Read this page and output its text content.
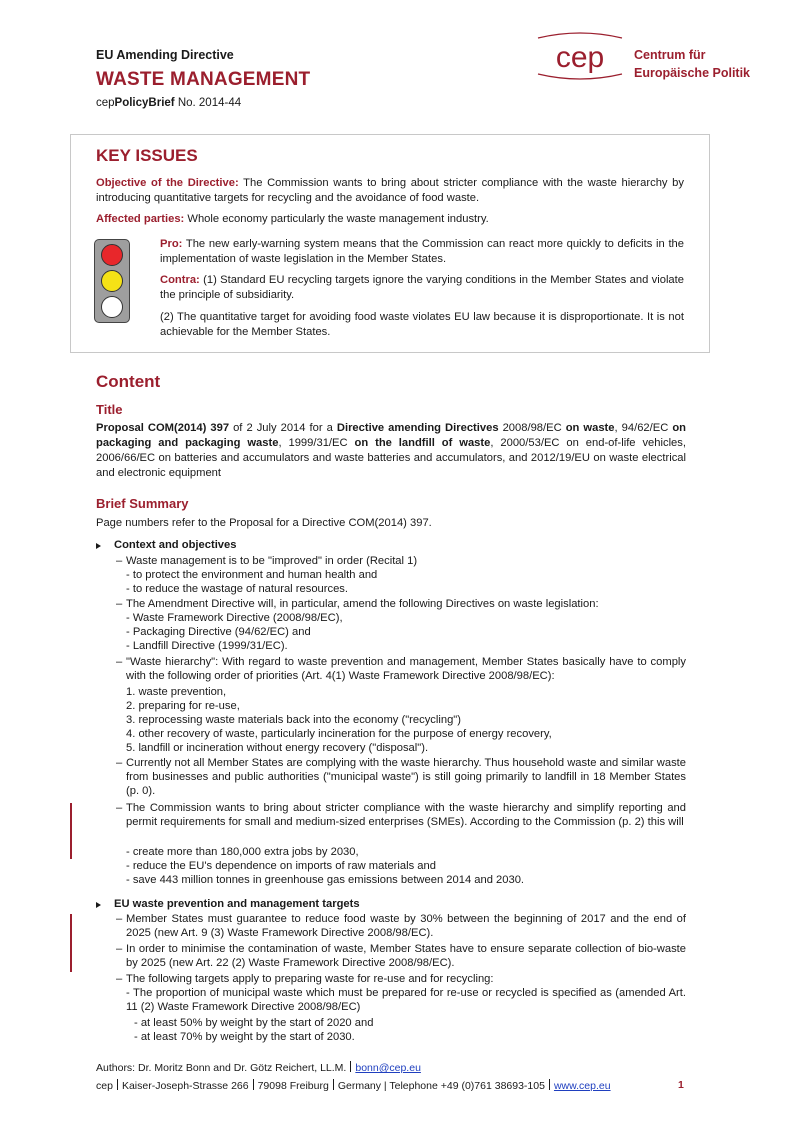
EU Amending Directive
WASTE MANAGEMENT
cepPolicyBrief No. 2014-44
cep Centrum für
Europäische Politik
KEY ISSUES
Objective of the Directive: The Commission wants to bring about stricter compliance with the waste hierarchy by introducing quantitative targets for recycling and the avoidance of food waste.
Affected parties: Whole economy particularly the waste management industry.
Pro: The new early-warning system means that the Commission can react more quickly to deficits in the implementation of waste legislation in the Member States.
Contra: (1) Standard EU recycling targets ignore the varying conditions in the Member States and violate the principle of subsidiarity.
(2) The quantitative target for avoiding food waste violates EU law because it is disproportionate. It is not achievable for the Member States.
Content
Title
Proposal COM(2014) 397 of 2 July 2014 for a Directive amending Directives 2008/98/EC on waste, 94/62/EC on packaging and packaging waste, 1999/31/EC on the landfill of waste, 2000/53/EC on end-of-life vehicles, 2006/66/EC on batteries and accumulators and waste batteries and accumulators, and 2012/19/EU on waste electrical and electronic equipment
Brief Summary
Page numbers refer to the Proposal for a Directive COM(2014) 397.
Context and objectives
– Waste management is to be "improved" in order (Recital 1)
- to protect the environment and human health and
- to reduce the wastage of natural resources.
– The Amendment Directive will, in particular, amend the following Directives on waste legislation:
- Waste Framework Directive (2008/98/EC),
- Packaging Directive (94/62/EC) and
- Landfill Directive (1999/31/EC).
– "Waste hierarchy": With regard to waste prevention and management, Member States basically have to comply with the following order of priorities (Art. 4(1) Waste Framework Directive 2008/98/EC):
1. waste prevention,
2. preparing for re-use,
3. reprocessing waste materials back into the economy ("recycling")
4. other recovery of waste, particularly incineration for the purpose of energy recovery,
5. landfill or incineration without energy recovery ("disposal").
– Currently not all Member States are complying with the waste hierarchy. Thus household waste and similar waste from businesses and public authorities ("municipal waste") is still going primarily to landfill in 18 Member States (p. 0).
– The Commission wants to bring about stricter compliance with the waste hierarchy and simplify reporting and permit requirements for small and medium-sized enterprises (SMEs). According to the Commission (p. 2) this will
- create more than 180,000 extra jobs by 2030,
- reduce the EU's dependence on imports of raw materials and
- save 443 million tonnes in greenhouse gas emissions between 2014 and 2030.
EU waste prevention and management targets
– Member States must guarantee to reduce food waste by 30% between the beginning of 2017 and the end of 2025 (new Art. 9 (3) Waste Framework Directive 2008/98/EC).
– In order to minimise the contamination of waste, Member States have to ensure separate collection of bio-waste by 2025 (new Art. 22 (2) Waste Framework Directive 2008/98/EC).
– The following targets apply to preparing waste for re-use and for recycling:
- The proportion of municipal waste which must be prepared for re-use or recycled is specified as (amended Art. 11 (2) Waste Framework Directive 2008/98/EC)
- at least 50% by weight by the start of 2020 and
- at least 70% by weight by the start of 2030.
Authors: Dr. Moritz Bonn and Dr. Götz Reichert, LL.M. bonn@cep.eu
cep Kaiser-Joseph-Strasse 266 79098 Freiburg Germany | Telephone +49 (0)761 38693-105 www.cep.eu	1
